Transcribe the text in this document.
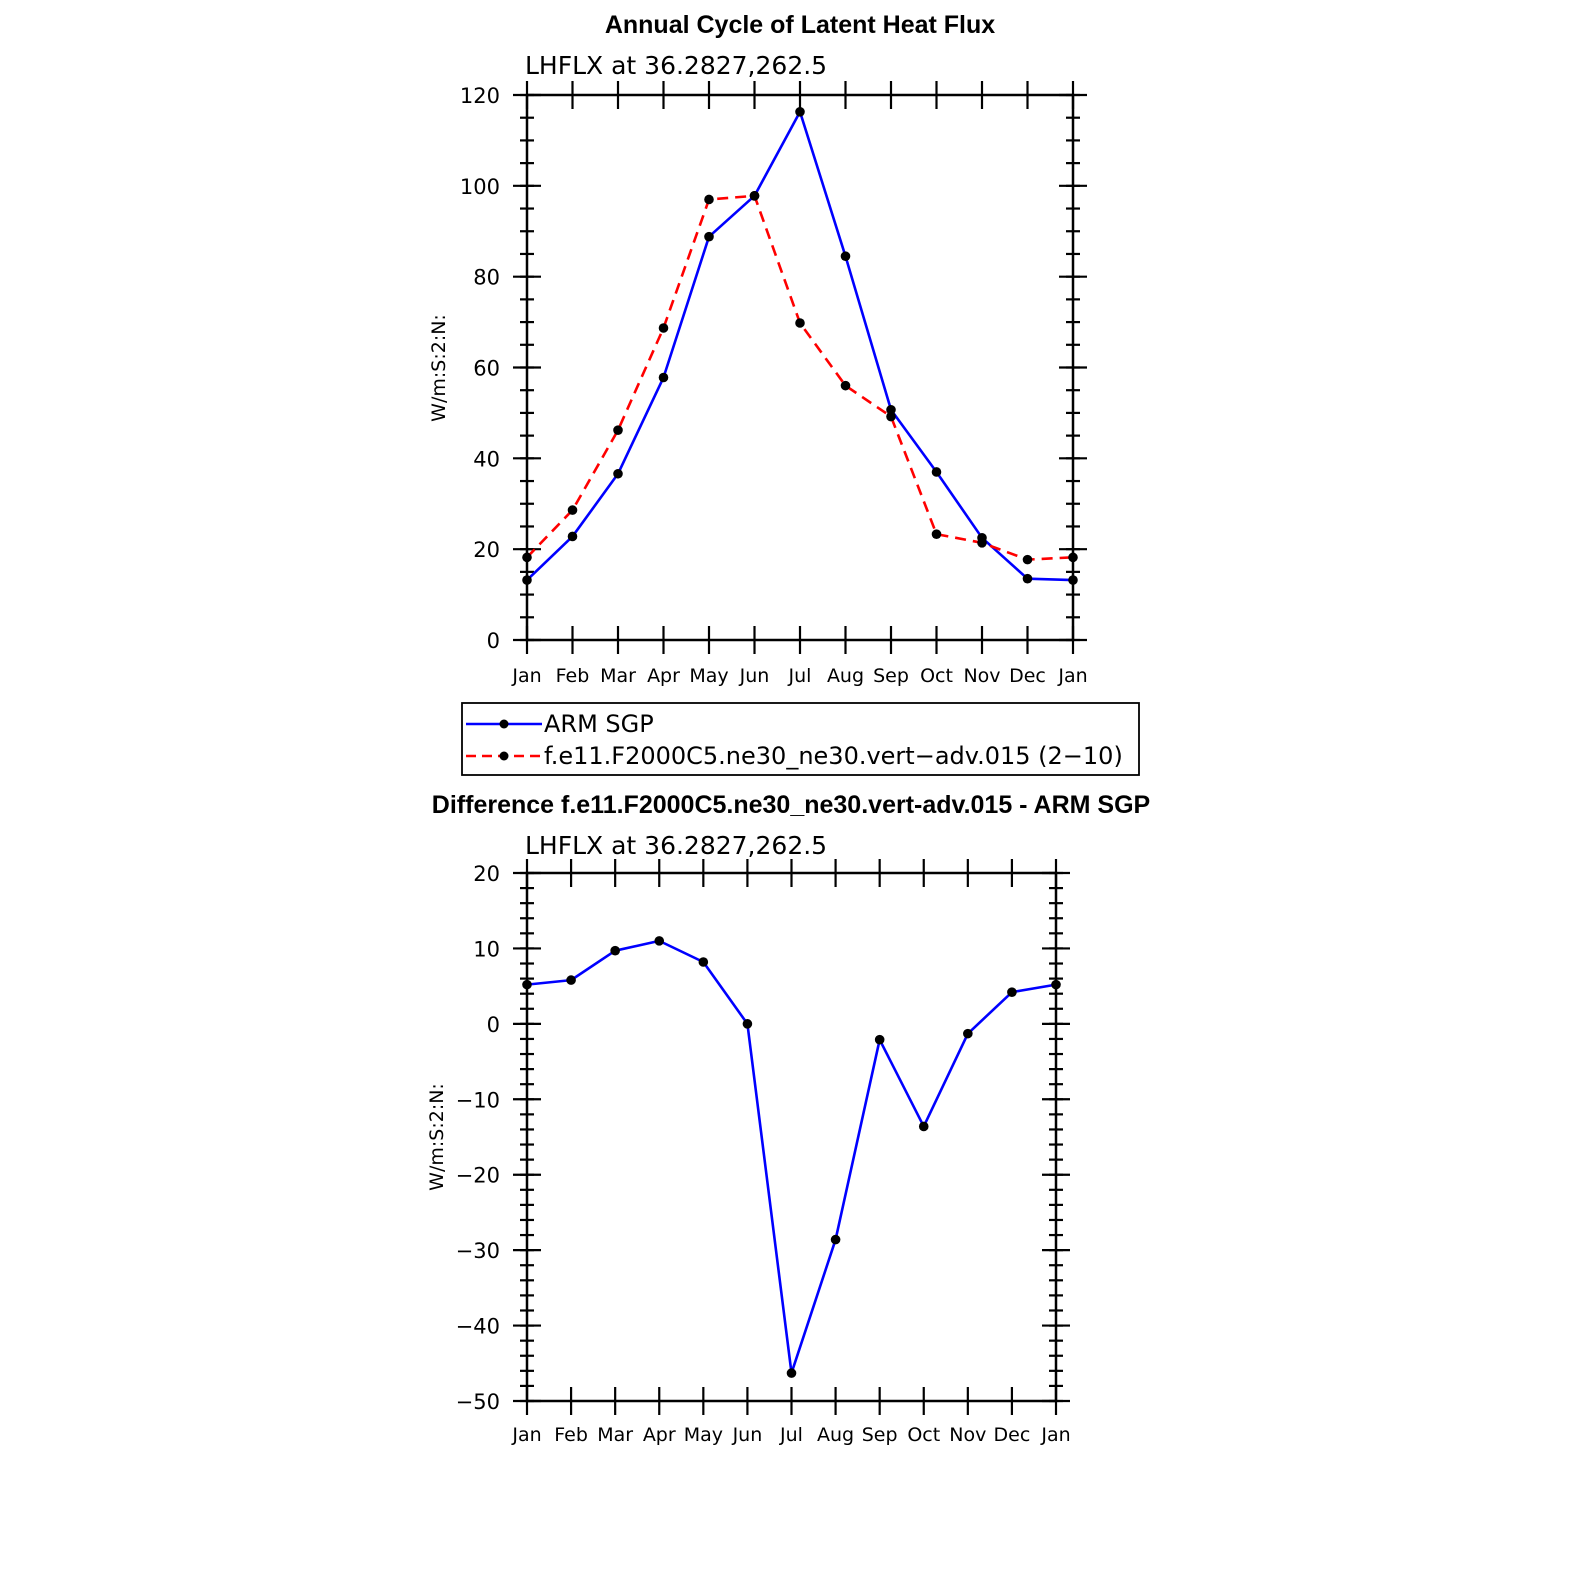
Annual Cycle of Latent Heat Flux
LHFLX at 36.2827,262.5
W/m:S:2:N:
0
20
40
60
80
100
120
Jan Feb Mar Apr May Jun Jul Aug Sep Oct Nov Dec Jan
ARM SGP
f.e11.F2000C5.ne30_ne30.vert−adv.015 (2−10)
Difference f.e11.F2000C5.ne30_ne30.vert-adv.015 - ARM SGP
LHFLX at 36.2827,262.5
W/m:S:2:N:
−50
−40
−30
−20
−10
0
10
20
Jan Feb Mar Apr May Jun Jul Aug Sep Oct Nov Dec Jan
